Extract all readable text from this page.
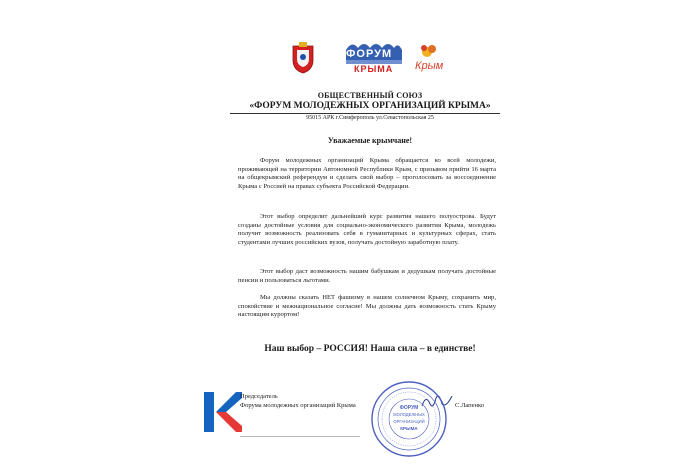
ФОРУМ
КРЫМА Крым
ОБЩЕСТВЕННЫЙ СОЮЗ
«ФОРУМ МОЛОДЕЖНЫХ ОРГАНИЗАЦИЙ КРЫМА»
95015 АРК г.Симферополь ул.Севастопольская 25
Уважаемые крымчане!
Форум молодежных организаций Крыма обращается ко всей молодежи, проживающей на территории Автономной Республики Крым, с призывом прийти 16 марта на общекрымский референдум и сделать свой выбор – проголосовать за воссоединение Крыма с Россией на правах субъекта Российской Федерации.
Этот выбор определит дальнейший курс развития нашего полуострова. Будут созданы достойные условия для социально-экономического развития Крыма, молодежь получит возможность реализовать себя в гуманитарных и культурных сферах, стать студентами лучших российских вузов, получать достойную заработную плату.
Этот выбор даст возможность нашим бабушкам и дедушкам получать достойные пенсии и пользоваться льготами.
Мы должны сказать НЕТ фашизму в нашем солнечном Крыму, сохранить мир, спокойствие и межнациональное согласие! Мы должны дать возможность стать Крыму настоящим курортом!
Наш выбор – РОССИЯ! Наша сила – в единстве!
Председатель
Форума молодежных организаций Крыма	С.Лапенко
ФОРУМ
МОЛОДЕЖНЫХ
ОРГАНИЗАЦИЙ
КРЫМА
